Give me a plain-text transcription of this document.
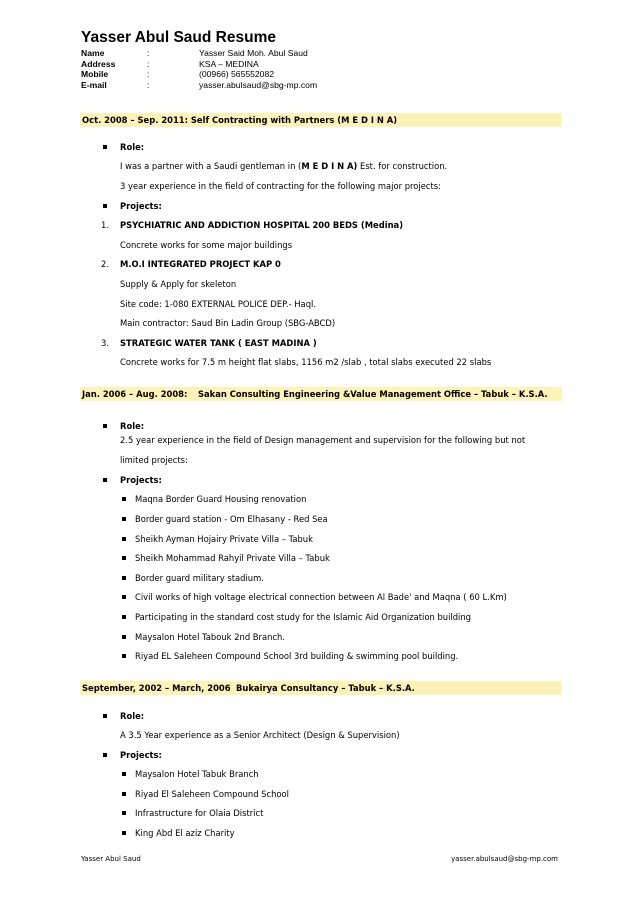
Yasser Abul Saud Resume
Name	:	Yasser Said Moh. Abul Saud
Address	:	KSA – MEDINA
Mobile	:	(00966) 565552082
E-mail	:	yasser.abulsaud@sbg-mp.com
Oct. 2008 – Sep. 2011: Self Contracting with Partners (M E D I N A)
Role:
I was a partner with a Saudi gentleman in (M E D I N A) Est. for construction.
3 year experience in the field of contracting for the following major projects:
Projects:
1. PSYCHIATRIC AND ADDICTION HOSPITAL 200 BEDS (Medina)
Concrete works for some major buildings
2. M.O.I INTEGRATED PROJECT KAP 0
Supply & Apply for skeleton
Site code: 1-080 EXTERNAL POLICE DEP.- Haql.
Main contractor: Saud Bin Ladin Group (SBG-ABCD)
3. STRATEGIC WATER TANK ( EAST MADINA )
Concrete works for 7.5 m height flat slabs, 1156 m2 /slab , total slabs executed 22 slabs
Jan. 2006 – Aug. 2008: Sakan Consulting Engineering &Value Management Office – Tabuk – K.S.A.
Role:
2.5 year experience in the field of Design management and supervision for the following but not
limited projects:
Projects:
Maqna Border Guard Housing renovation
Border guard station - Om Elhasany - Red Sea
Sheikh Ayman Hojairy Private Villa – Tabuk
Sheikh Mohammad Rahyil Private Villa – Tabuk
Border guard military stadium.
Civil works of high voltage electrical connection between Al Bade' and Maqna ( 60 L.Km)
Participating in the standard cost study for the Islamic Aid Organization building
Maysalon Hotel Tabouk 2nd Branch.
Riyad EL Saleheen Compound School 3rd building & swimming pool building.
September, 2002 – March, 2006 Bukairya Consultancy – Tabuk – K.S.A.
Role:
A 3.5 Year experience as a Senior Architect (Design & Supervision)
Projects:
Maysalon Hotel Tabuk Branch
Riyad El Saleheen Compound School
Infrastructure for Olaia District
King Abd El aziz Charity
Yasser Abul Saud	yasser.abulsaud@sbg-mp.com
